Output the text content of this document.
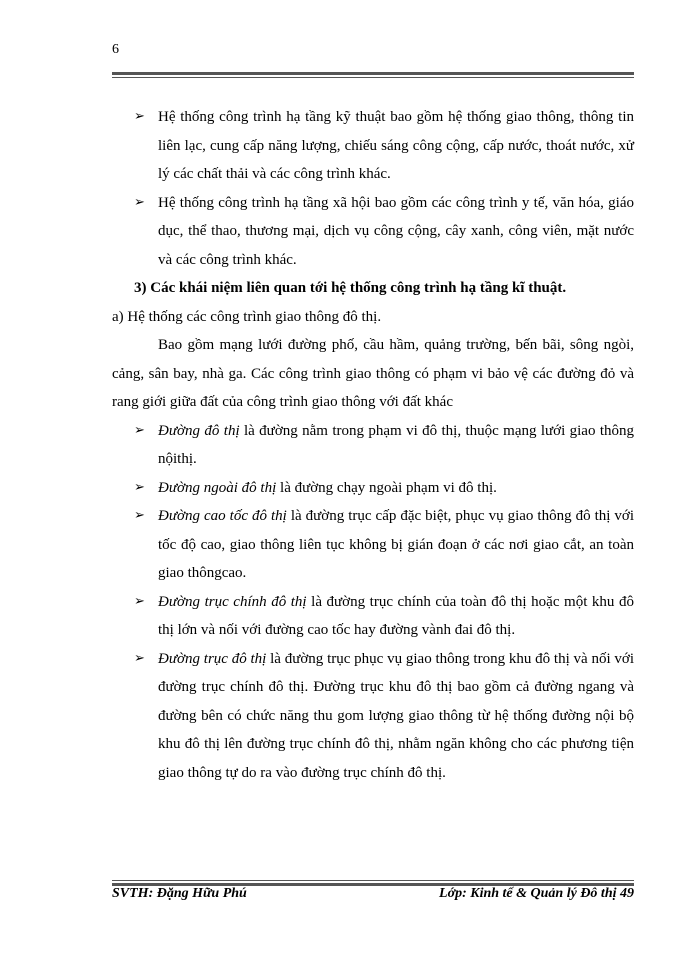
6
➢ Hệ thống công trình hạ tầng kỹ thuật bao gồm hệ thống giao thông, thông tin liên lạc, cung cấp năng lượng, chiếu sáng công cộng, cấp nước, thoát nước, xử lý các chất thải và các công trình khác.
➢ Hệ thống công trình hạ tầng xã hội bao gồm các công trình y tế, văn hóa, giáo dục, thể thao, thương mại, dịch vụ công cộng, cây xanh, công viên, mặt nước và các công trình khác.
3) Các khái niệm liên quan tới hệ thống công trình hạ tầng kĩ thuật.
a) Hệ thống các công trình giao thông đô thị.
Bao gồm mạng lưới đường phố, cầu hầm, quảng trường, bến bãi, sông ngòi, cảng, sân bay, nhà ga. Các công trình giao thông có phạm vi bảo vệ các đường đỏ và rang giới giữa đất của công trình giao thông với đất khác
➢ Đường đô thị là đường nằm trong phạm vi đô thị, thuộc mạng lưới giao thông nộithị.
➢ Đường ngoài đô thị là đường chạy ngoài phạm vi đô thị.
➢ Đường cao tốc đô thị là đường trục cấp đặc biệt, phục vụ giao thông đô thị với tốc độ cao, giao thông liên tục không bị gián đoạn ở các nơi giao cắt, an toàn giao thôngcao.
➢ Đường trục chính đô thị là đường trục chính của toàn đô thị hoặc một khu đô thị lớn và nối với đường cao tốc hay đường vành đai đô thị.
➢ Đường trục đô thị là đường trục phục vụ giao thông trong khu đô thị và nối với đường trục chính đô thị. Đường trục khu đô thị bao gồm cả đường ngang và đường bên có chức năng thu gom lượng giao thông từ hệ thống đường nội bộ khu đô thị lên đường trục chính đô thị, nhằm ngăn không cho các phương tiện giao thông tự do ra vào đường trục chính đô thị.
SVTH: Đặng Hữu Phú	Lớp: Kinh tế & Quản lý Đô thị 49
